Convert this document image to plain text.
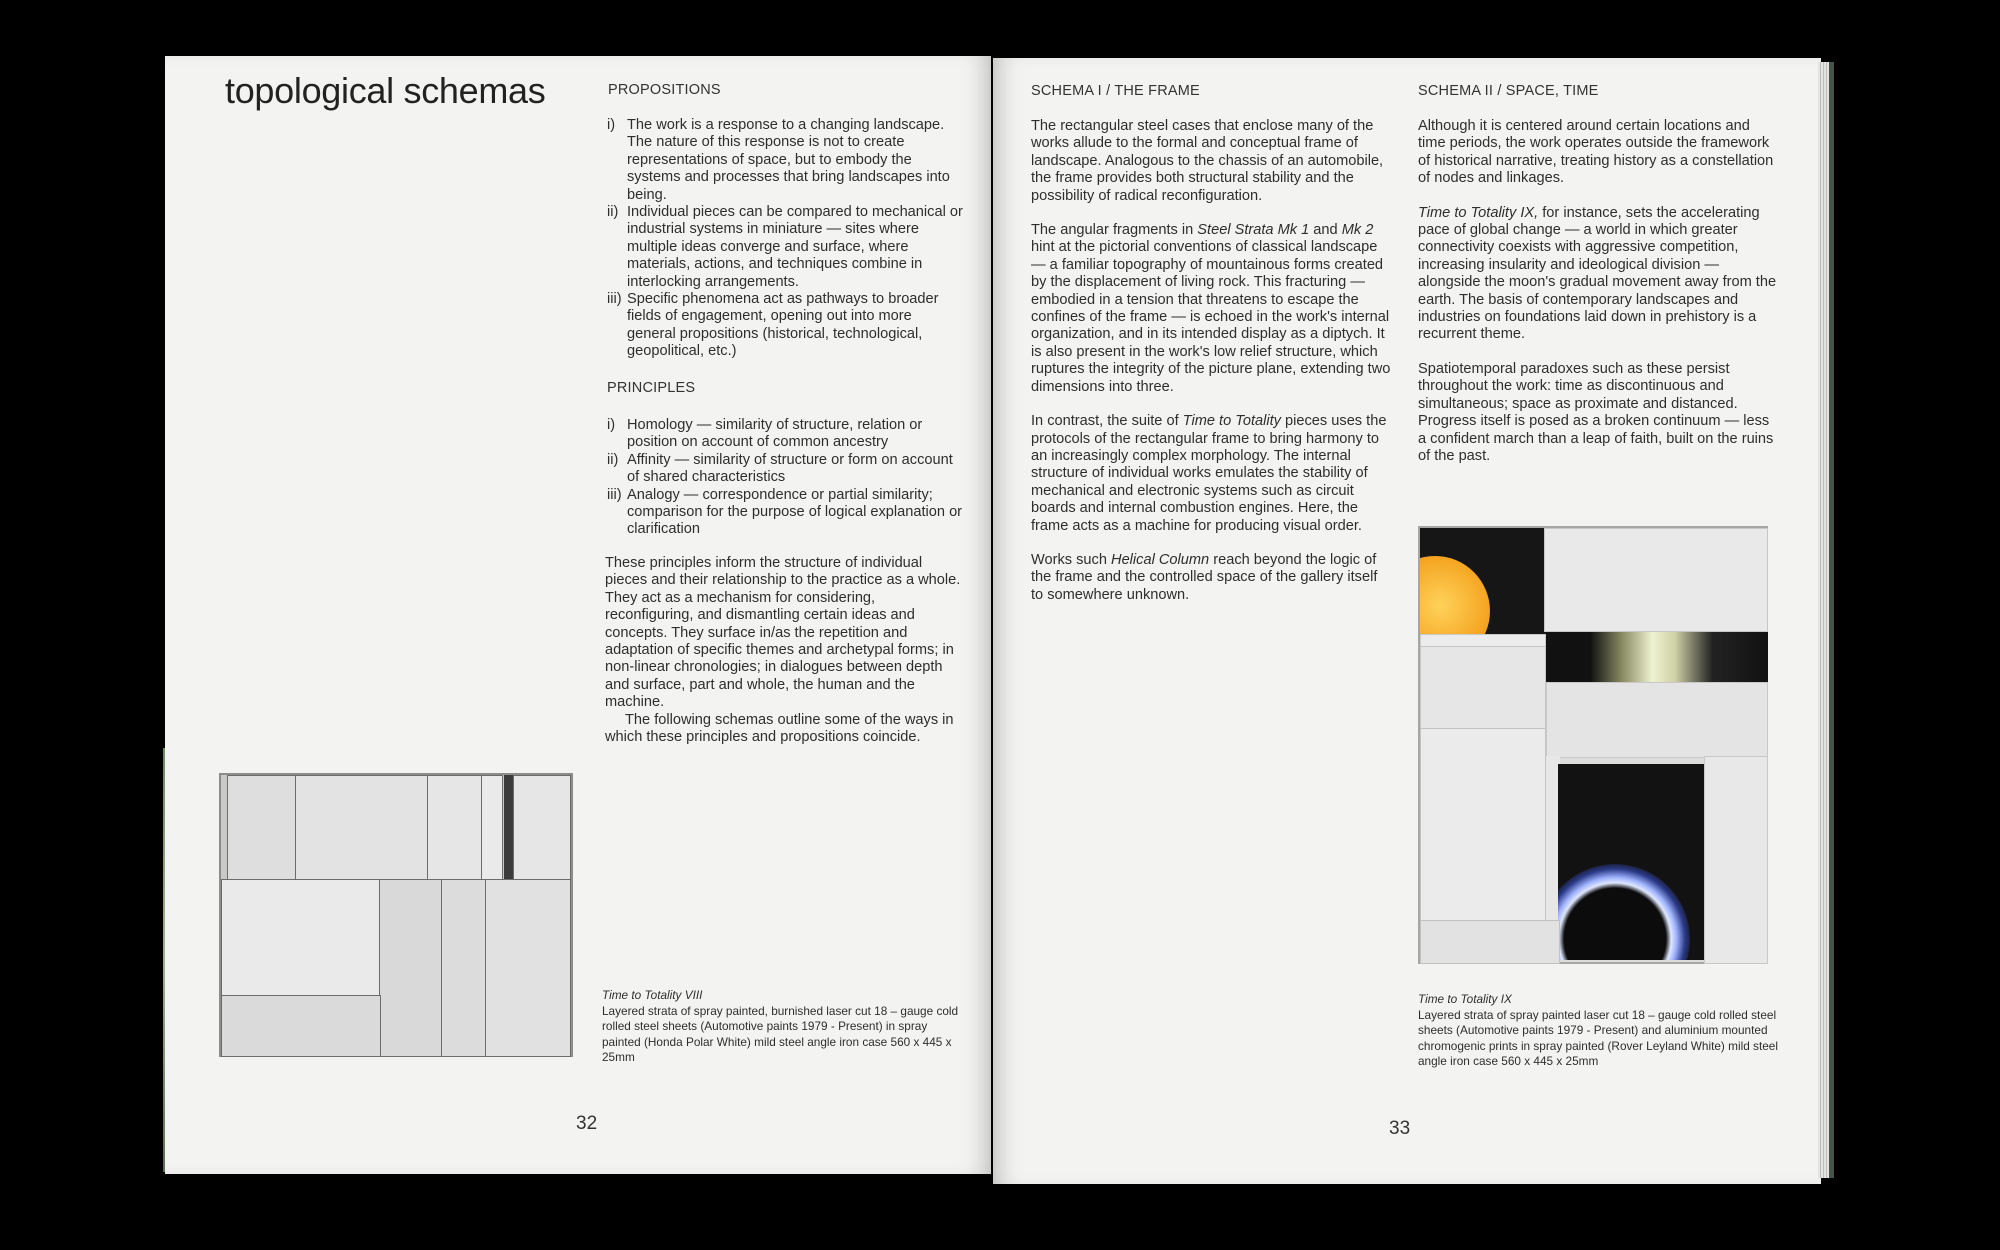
topological schemas	PROPOSITIONS
i) The work is a response to a changing landscape. The nature of this response is not to create representations of space, but to embody the systems and processes that bring landscapes into being.
ii) Individual pieces can be compared to mechanical or industrial systems in miniature — sites where multiple ideas converge and surface, where materials, actions, and techniques combine in interlocking arrangements.
iii) Specific phenomena act as pathways to broader fields of engagement, opening out into more general propositions (historical, technological, geopolitical, etc.)
PRINCIPLES
i) Homology — similarity of structure, relation or position on account of common ancestry
ii) Affinity — similarity of structure or form on account of shared characteristics
iii) Analogy — correspondence or partial similarity; comparison for the purpose of logical explanation or clarification

These principles inform the structure of individual pieces and their relationship to the practice as a whole. They act as a mechanism for considering, reconfiguring, and dismantling certain ideas and concepts. They surface in/as the repetition and adaptation of specific themes and archetypal forms; in non-linear chronologies; in dialogues between depth and surface, part and whole, the human and the machine.

The following schemas outline some of the ways in which these principles and propositions coincide.

Time to Totality VIII
Layered strata of spray painted, burnished laser cut 18 – gauge cold rolled steel sheets (Automotive paints 1979 - Present) in spray painted (Honda Polar White) mild steel angle iron case 560 x 445 x 25mm
32
SCHEMA I / THE FRAME

The rectangular steel cases that enclose many of the works allude to the formal and conceptual frame of landscape. Analogous to the chassis of an automobile, the frame provides both structural stability and the possibility of radical reconfiguration.

The angular fragments in Steel Strata Mk 1 and Mk 2 hint at the pictorial conventions of classical landscape — a familiar topography of mountainous forms created by the displacement of living rock. This fracturing — embodied in a tension that threatens to escape the confines of the frame — is echoed in the work's internal organization, and in its intended display as a diptych. It is also present in the work's low relief structure, which ruptures the integrity of the picture plane, extending two dimensions into three.

In contrast, the suite of Time to Totality pieces uses the protocols of the rectangular frame to bring harmony to an increasingly complex morphology. The internal structure of individual works emulates the stability of mechanical and electronic systems such as circuit boards and internal combustion engines. Here, the frame acts as a machine for producing visual order.

Works such Helical Column reach beyond the logic of the frame and the controlled space of the gallery itself to somewhere unknown.

SCHEMA II / SPACE, TIME

Although it is centered around certain locations and time periods, the work operates outside the framework of historical narrative, treating history as a constellation of nodes and linkages.

Time to Totality IX, for instance, sets the accelerating pace of global change — a world in which greater connectivity coexists with aggressive competition, increasing insularity and ideological division — alongside the moon's gradual movement away from the earth. The basis of contemporary landscapes and industries on foundations laid down in prehistory is a recurrent theme.

Spatiotemporal paradoxes such as these persist throughout the work: time as discontinuous and simultaneous; space as proximate and distanced. Progress itself is posed as a broken continuum — less a confident march than a leap of faith, built on the ruins of the past.

Time to Totality IX
Layered strata of spray painted laser cut 18 – gauge cold rolled steel sheets (Automotive paints 1979 - Present) and aluminium mounted chromogenic prints in spray painted (Rover Leyland White) mild steel angle iron case 560 x 445 x 25mm
33
